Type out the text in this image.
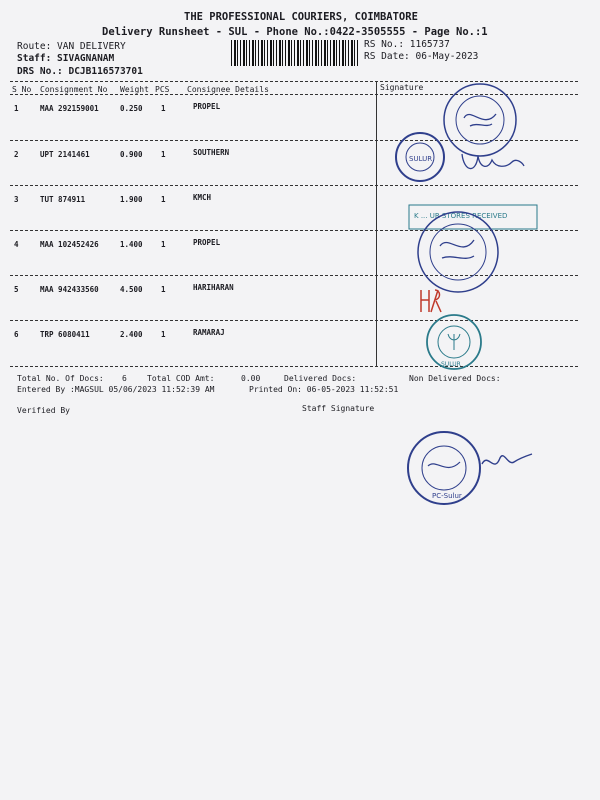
THE PROFESSIONAL COURIERS, COIMBATORE
Delivery Runsheet - SUL - Phone No.:0422-3505555 - Page No.:1
Route: VAN DELIVERY
Staff: SIVAGNANAM
DRS No.: DCJB116573701
RS No.: 1165737
RS Date: 06-May-2023
S No Consignment No Weight PCS Consignee Details	Signature
1	MAA 292159001	0.250 1	PROPEL
2	UPT 2141461	0.900 1	SOUTHERN
3	TUT 874911	1.900 1	KMCH
4	MAA 102452426	1.400 1	PROPEL
5	MAA 942433560	4.500 1	HARIHARAN
6	TRP 6080411	2.400 1	RAMARAJ
Total No. Of Docs: 6	Total COD Amt:	0.00	Delivered Docs:	Non Delivered Docs:
Entered By :MAGSUL 05/06/2023 11:52:39 AM	Printed On: 06-05-2023 11:52:51
Verified By	Staff Signature
SULUR
K ... UR STORES RECEIVED
SULUR
PC-Sulur
